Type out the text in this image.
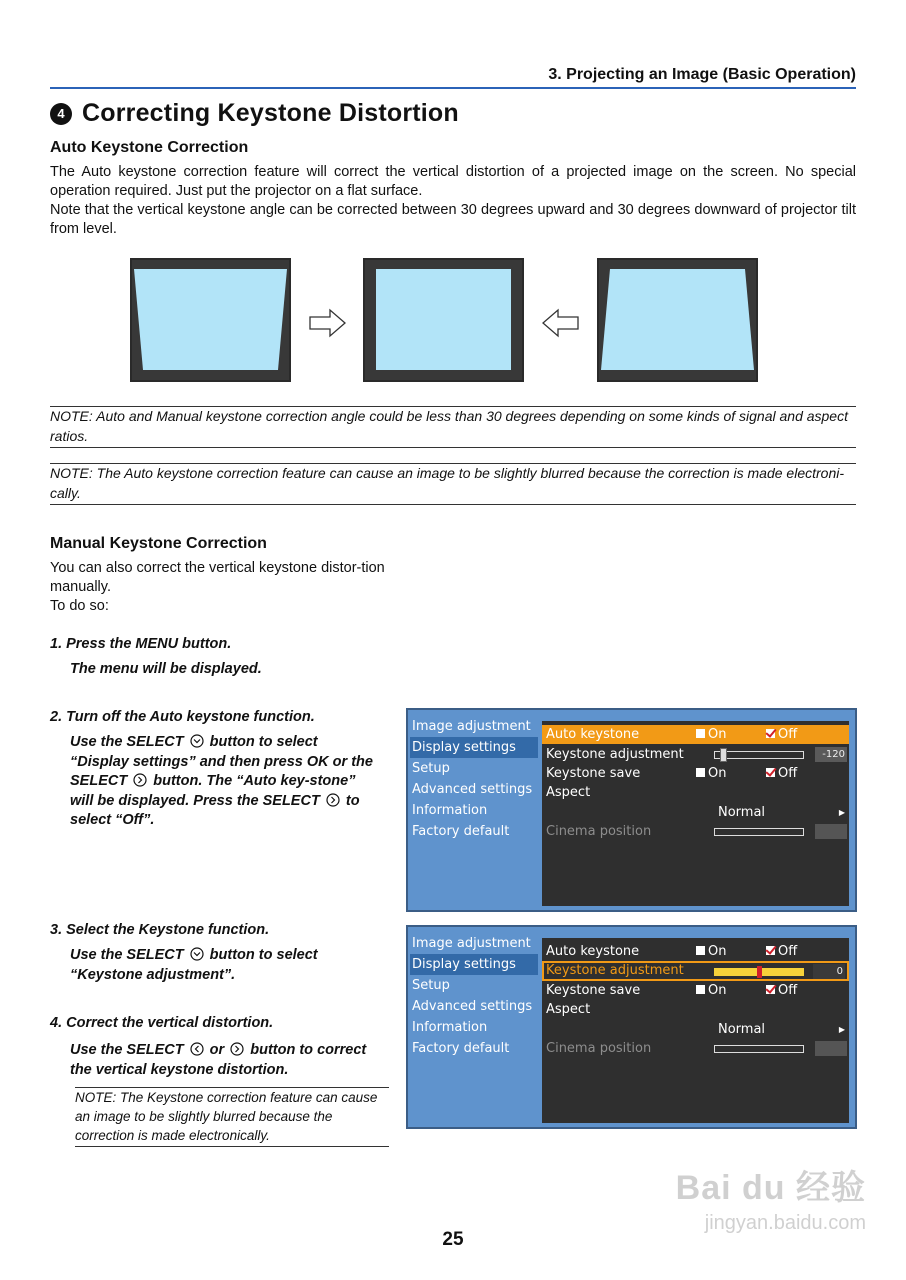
3. Projecting an Image (Basic Operation)
4 Correcting Keystone Distortion
Auto Keystone Correction
The Auto keystone correction feature will correct the vertical distortion of a projected image on the screen. No special operation required. Just put the projector on a flat surface.
Note that the vertical keystone angle can be corrected between 30 degrees upward and 30 degrees downward of projector tilt from level.
NOTE: Auto and Manual keystone correction angle could be less than 30 degrees depending on some kinds of signal and aspect ratios.
NOTE: The Auto keystone correction feature can cause an image to be slightly blurred because the correction is made electroni-cally.
Manual Keystone Correction
You can also correct the vertical keystone distor-tion manually.
To do so:
1. Press the MENU button.
The menu will be displayed.
2. Turn off the Auto keystone function.
Use the SELECT button to select “Display settings” and then press OK or the SELECT button. The “Auto key-stone” will be displayed. Press the SELECT to select “Off”.
3. Select the Keystone function.
Use the SELECT button to select “Keystone adjustment”.
4. Correct the vertical distortion.
Use the SELECT or button to correct the vertical keystone distortion.
NOTE: The Keystone correction feature can cause an image to be slightly blurred because the correction is made electronically.
Image adjustment
Display settings
Setup
Advanced settings
Information
Factory default
Auto keystone	On	Off
Keystone adjustment	-120
Keystone save	On	Off
Aspect
Normal	▶
Cinema position
Image adjustment
Display settings
Setup
Advanced settings
Information
Factory default
Auto keystone	On	Off
Keystone adjustment	0
Keystone save	On	Off
Aspect
Normal	▶
Cinema position
Bai du 经验
jingyan.baidu.com
25
